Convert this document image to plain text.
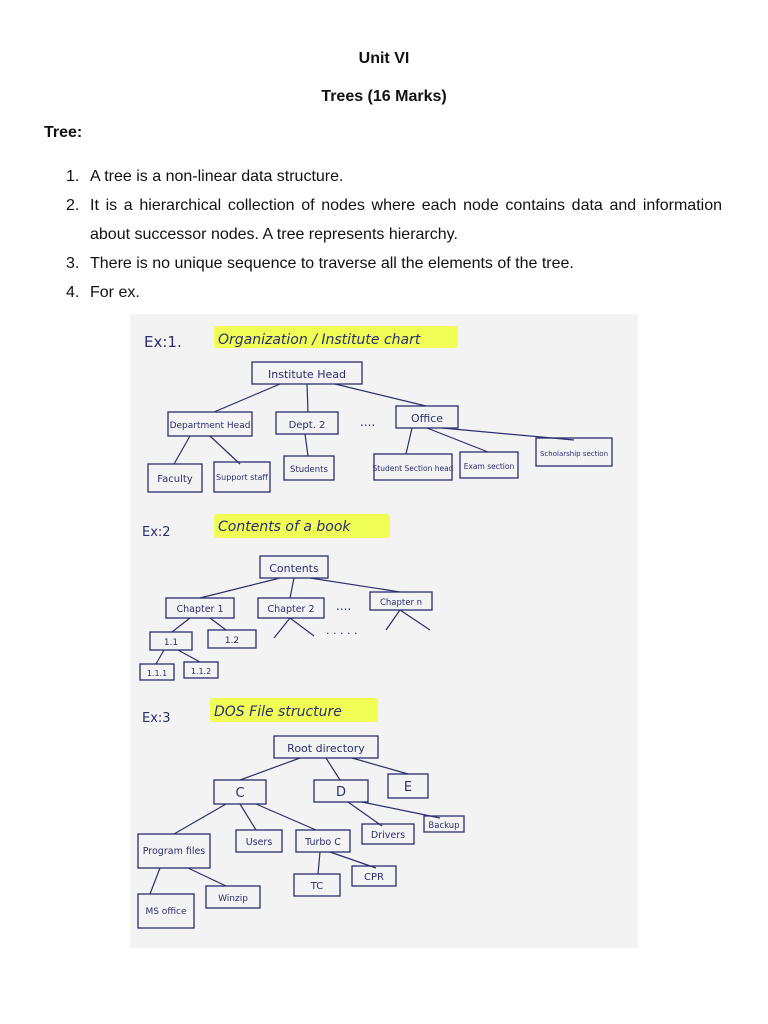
Unit VI
Trees (16 Marks)
Tree:
1. A tree is a non-linear data structure.
2. It is a hierarchical collection of nodes where each node contains data and information about successor nodes. A tree represents hierarchy.
3. There is no unique sequence to traverse all the elements of the tree.
4. For ex.
Ex:1.	Organization / Institute chart
Institute Head
Department Head	Dept. 2	....	Office
Faculty	Support staff
Students	Student Section head Exam section
Scholarship section
Ex:2	Contents of a book
Contents
Chapter 1	Chapter 2 ....	Chapter n
. . . . .
1.1	1.2
1.1.1	1.1.2
Ex:3	DOS File structure
Root directory
C	D	E
Program files
Users	Turbo C
Drivers
Backup
MS office
Winzip
TC
CPR
